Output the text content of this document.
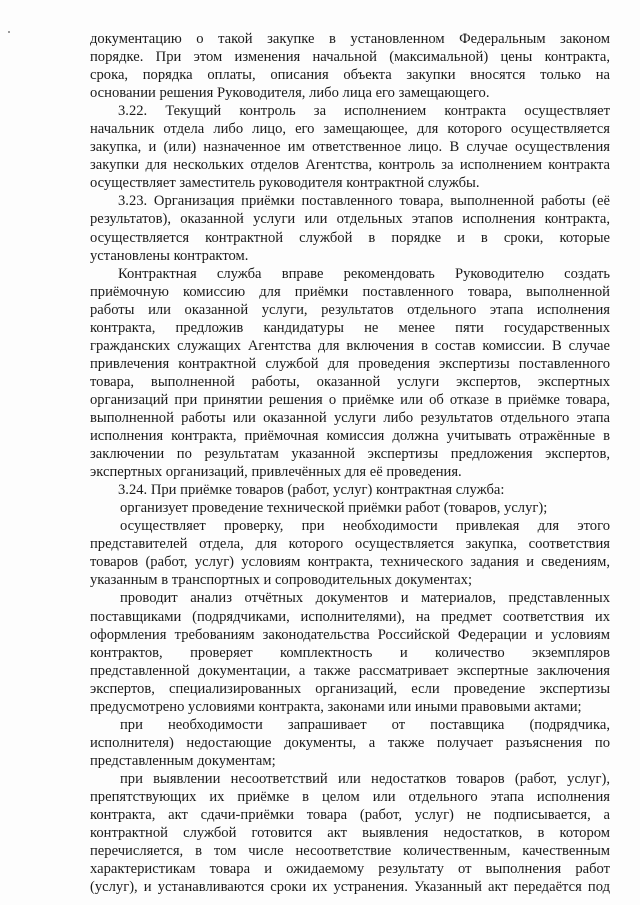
документацию о такой закупке в установленном Федеральным законом
порядке. При этом изменения начальной (максимальной) цены контракта,
срока, порядка оплаты, описания объекта закупки вносятся только на
основании решения Руководителя, либо лица его замещающего.
3.22. Текущий контроль за исполнением контракта осуществляет
начальник отдела либо лицо, его замещающее, для которого осуществляется
закупка, и (или) назначенное им ответственное лицо. В случае осуществления
закупки для нескольких отделов Агентства, контроль за исполнением контракта
осуществляет заместитель руководителя контрактной службы.
3.23. Организация приёмки поставленного товара, выполненной работы (её
результатов), оказанной услуги или отдельных этапов исполнения контракта,
осуществляется контрактной службой в порядке и в сроки, которые
установлены контрактом.
Контрактная служба вправе рекомендовать Руководителю создать
приёмочную комиссию для приёмки поставленного товара, выполненной
работы или оказанной услуги, результатов отдельного этапа исполнения
контракта, предложив кандидатуры не менее пяти государственных
гражданских служащих Агентства для включения в состав комиссии. В случае
привлечения контрактной службой для проведения экспертизы поставленного
товара, выполненной работы, оказанной услуги экспертов, экспертных
организаций при принятии решения о приёмке или об отказе в приёмке товара,
выполненной работы или оказанной услуги либо результатов отдельного этапа
исполнения контракта, приёмочная комиссия должна учитывать отражённые в
заключении по результатам указанной экспертизы предложения экспертов,
экспертных организаций, привлечённых для её проведения.
3.24. При приёмке товаров (работ, услуг) контрактная служба:
организует проведение технической приёмки работ (товаров, услуг);
осуществляет проверку, при необходимости привлекая для этого
представителей отдела, для которого осуществляется закупка, соответствия
товаров (работ, услуг) условиям контракта, технического задания и сведениям,
указанным в транспортных и сопроводительных документах;
проводит анализ отчётных документов и материалов, представленных
поставщиками (подрядчиками, исполнителями), на предмет соответствия их
оформления требованиям законодательства Российской Федерации и условиям
контрактов, проверяет комплектность и количество экземпляров
представленной документации, а также рассматривает экспертные заключения
экспертов, специализированных организаций, если проведение экспертизы
предусмотрено условиями контракта, законами или иными правовыми актами;
при необходимости запрашивает от поставщика (подрядчика,
исполнителя) недостающие документы, а также получает разъяснения по
представленным документам;
при выявлении несоответствий или недостатков товаров (работ, услуг),
препятствующих их приёмке в целом или отдельного этапа исполнения
контракта, акт сдачи-приёмки товара (работ, услуг) не подписывается, а
контрактной службой готовится акт выявления недостатков, в котором
перечисляется, в том числе несоответствие количественным, качественным
характеристикам товара и ожидаемому результату от выполнения работ
(услуг), и устанавливаются сроки их устранения. Указанный акт передаётся под
